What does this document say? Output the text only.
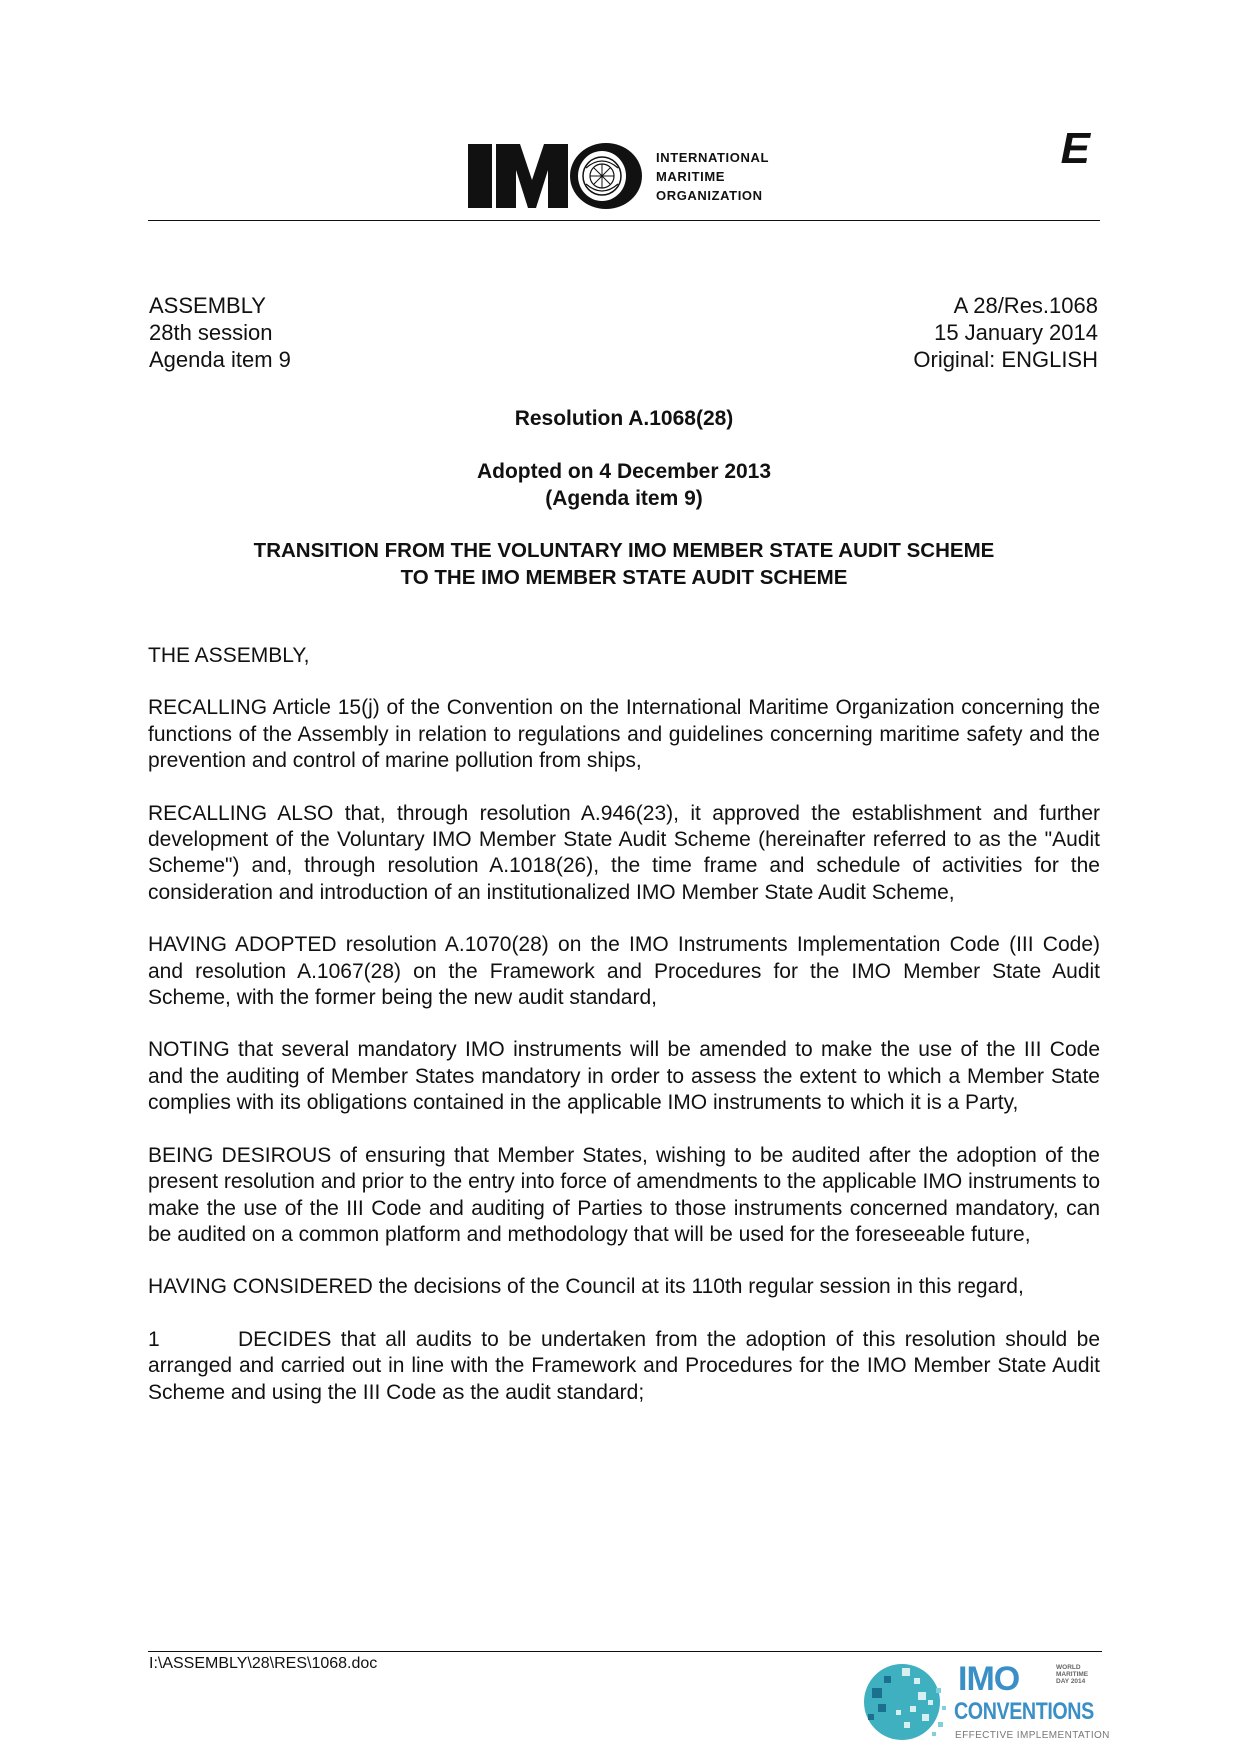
INTERNATIONAL
MARITIME
ORGANIZATION
E
ASSEMBLY
28th session
Agenda item 9
A 28/Res.1068
15 January 2014
Original: ENGLISH
Resolution A.1068(28)
Adopted on 4 December 2013
(Agenda item 9)
TRANSITION FROM THE VOLUNTARY IMO MEMBER STATE AUDIT SCHEME
TO THE IMO MEMBER STATE AUDIT SCHEME

THE ASSEMBLY,

RECALLING Article 15(j) of the Convention on the International Maritime Organization concerning the functions of the Assembly in relation to regulations and guidelines concerning maritime safety and the prevention and control of marine pollution from ships,

RECALLING ALSO that, through resolution A.946(23), it approved the establishment and further development of the Voluntary IMO Member State Audit Scheme (hereinafter referred to as the "Audit Scheme") and, through resolution A.1018(26), the time frame and schedule of activities for the consideration and introduction of an institutionalized IMO Member State Audit Scheme,

HAVING ADOPTED resolution A.1070(28) on the IMO Instruments Implementation Code (III Code) and resolution A.1067(28) on the Framework and Procedures for the IMO Member State Audit Scheme, with the former being the new audit standard,

NOTING that several mandatory IMO instruments will be amended to make the use of the III Code and the auditing of Member States mandatory in order to assess the extent to which a Member State complies with its obligations contained in the applicable IMO instruments to which it is a Party,

BEING DESIROUS of ensuring that Member States, wishing to be audited after the adoption of the present resolution and prior to the entry into force of amendments to the applicable IMO instruments to make the use of the III Code and auditing of Parties to those instruments concerned mandatory, can be audited on a common platform and methodology that will be used for the foreseeable future,

HAVING CONSIDERED the decisions of the Council at its 110th regular session in this regard,

1	DECIDES that all audits to be undertaken from the adoption of this resolution should be arranged and carried out in line with the Framework and Procedures for the IMO Member State Audit Scheme and using the III Code as the audit standard;

I:\ASSEMBLY\28\RES\1068.doc	IMO	WORLD
MARITIME
DAY 2014
CONVENTIONS
EFFECTIVE IMPLEMENTATION
